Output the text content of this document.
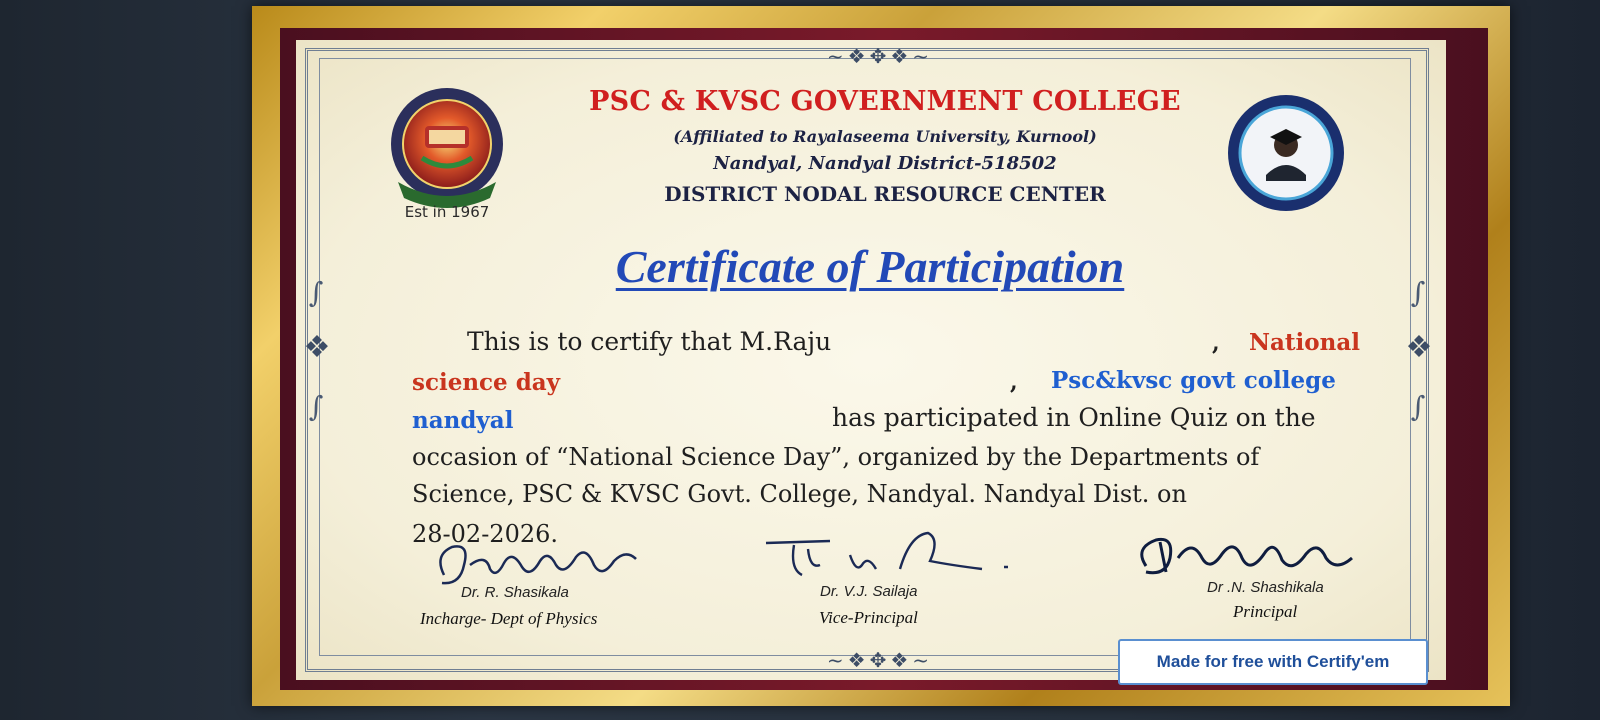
~❖✥❖~
~❖✥❖~
❖	❖
∫
∫
∫
∫
Est in 1967
PSC & KVSC GOVERNMENT COLLEGE
(Affiliated to Rayalaseema University, Kurnool)
Nandyal, Nandyal District-518502
DISTRICT NODAL RESOURCE CENTER
Certificate of Participation
This is to certify that M.Raju	, National
science day	, Psc&kvsc govt college
nandyal	has participated in Online Quiz on the
occasion of “National Science Day”, organized by the Departments of
Science, PSC & KVSC Govt. College, Nandyal. Nandyal Dist. on
28-02-2026.
Dr. R. Shasikala
Incharge- Dept of Physics
Dr. V.J. Sailaja
Vice-Principal
Dr .N. Shashikala
Principal
Made for free with Certify'em
